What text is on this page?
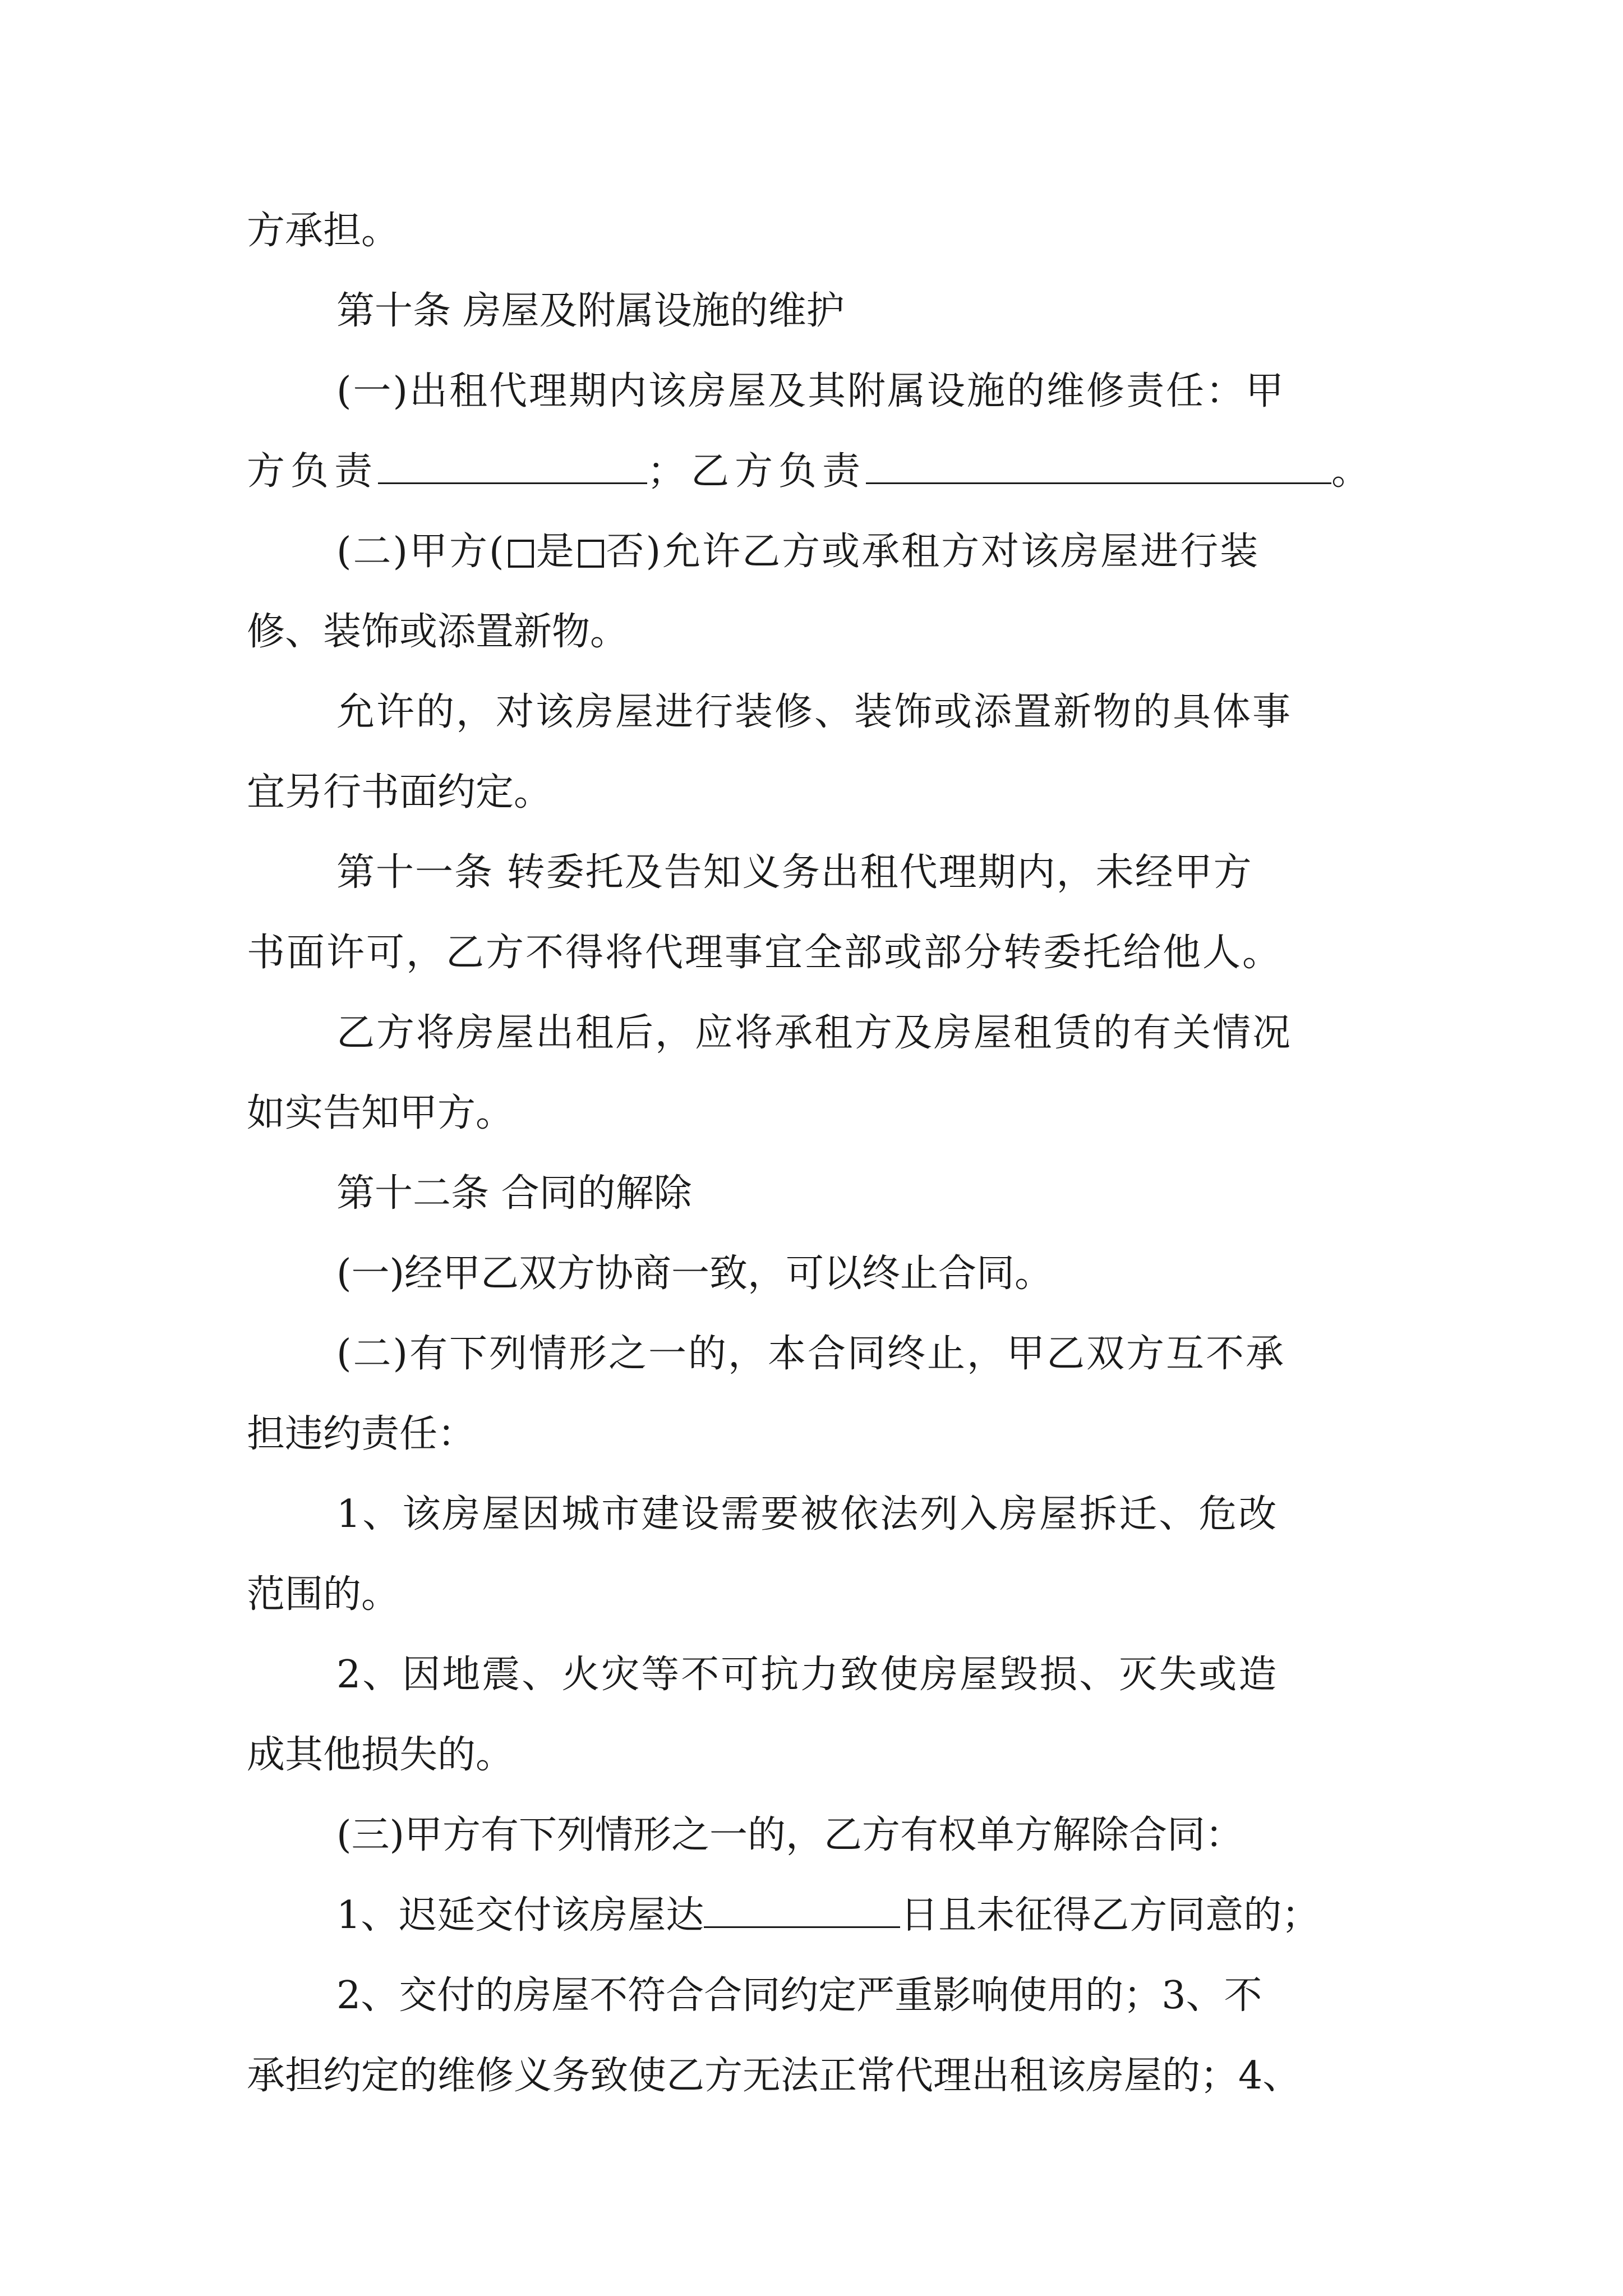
方承担。
第十条 房屋及附属设施的维护
(一)出租代理期内该房屋及其附属设施的维修责任：甲
方负责	；乙方负责	。
(二)甲方( 是 否)允许乙方或承租方对该房屋进行装
修、装饰或添置新物。
允许的，对该房屋进行装修、装饰或添置新物的具体事
宜另行书面约定。
第十一条 转委托及告知义务出租代理期内，未经甲方
书面许可，乙方不得将代理事宜全部或部分转委托给他人。
乙方将房屋出租后，应将承租方及房屋租赁的有关情况
如实告知甲方。
第十二条 合同的解除
(一)经甲乙双方协商一致，可以终止合同。
(二)有下列情形之一的，本合同终止，甲乙双方互不承
担违约责任：
1、该房屋因城市建设需要被依法列入房屋拆迁、危改
范围的。
2、因地震、火灾等不可抗力致使房屋毁损、灭失或造
成其他损失的。
(三)甲方有下列情形之一的，乙方有权单方解除合同：
1、迟延交付该房屋达	日且未征得乙方同意的；
2、交付的房屋不符合合同约定严重影响使用的；3、不
承担约定的维修义务致使乙方无法正常代理出租该房屋的；4、
